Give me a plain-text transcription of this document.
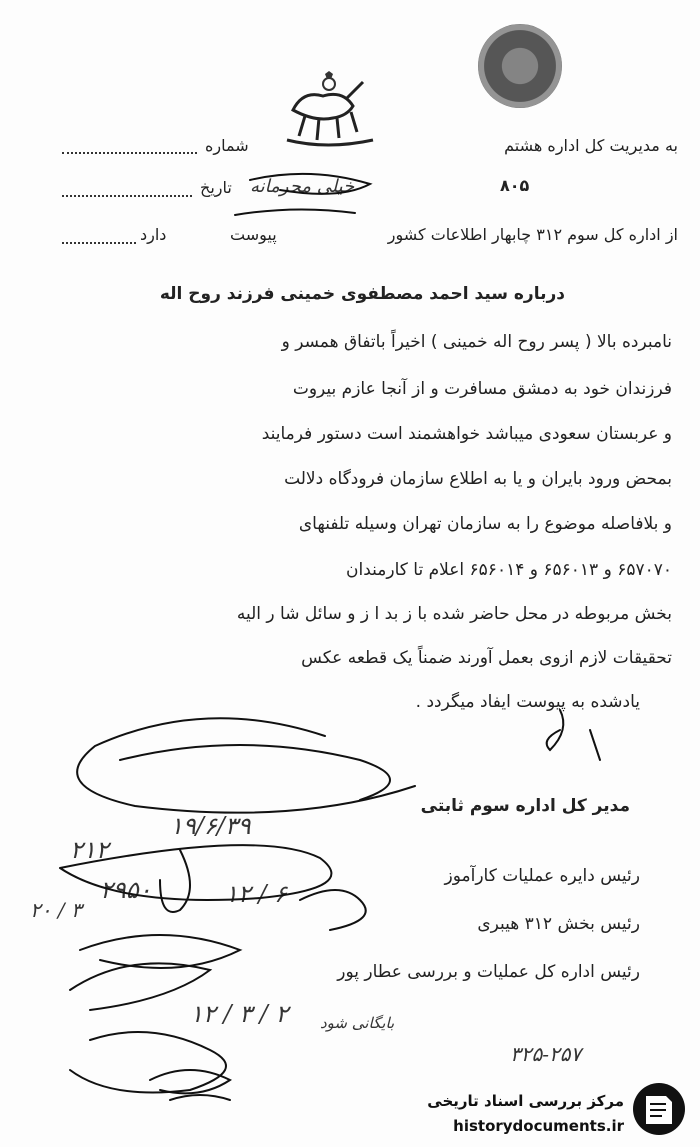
به مدیریت کل اداره هشتم
شماره
۸۰۵
تاریخ خیلی محرمانه
از اداره کل سوم ۳۱۲ چابهار اطلاعات کشور
پیوست
دارد
درباره سید احمد مصطفوی خمینی فرزند روح اله
نامبرده بالا ( پسر روح اله خمینی ) اخیراً باتفاق همسر و
فرزندان خود به دمشق مسافرت و از آنجا عازم بیروت
و عربستان سعودی میباشد خواهشمند است دستور فرمایند
بمحض ورود بایران و یا به اطلاع سازمان فرودگاه دلالت
و بلافاصله موضوع را به سازمان تهران وسیله تلفنهای
۶۵۷۰۷۰ و ۶۵۶۰۱۳ و ۶۵۶۰۱۴ اعلام تا کارمندان
بخش مربوطه در محل حاضر شده با ز بد ا ز و سائل شا ر الیه
تحقیقات لازم ازوی بعمل آورند ضمناً یک قطعه عکس
یادشده به پیوست ایفاد میگردد .
مدیر کل اداره سوم ثابتی
رئیس دایره عملیات کارآموز
رئیس بخش ۳۱۲ هیبری
رئیس اداره کل عملیات و بررسی عطار پور
۲۱۲
۲۹۵۰
۲۰ / ۳
۱۹/۶/۳۹
۱۲ / ۶
۱۲ / ۳ / ۲ بایگانی شود
۳۲۵-۲۵۷
مرکز بررسی اسناد تاریخی
historydocuments.ir
